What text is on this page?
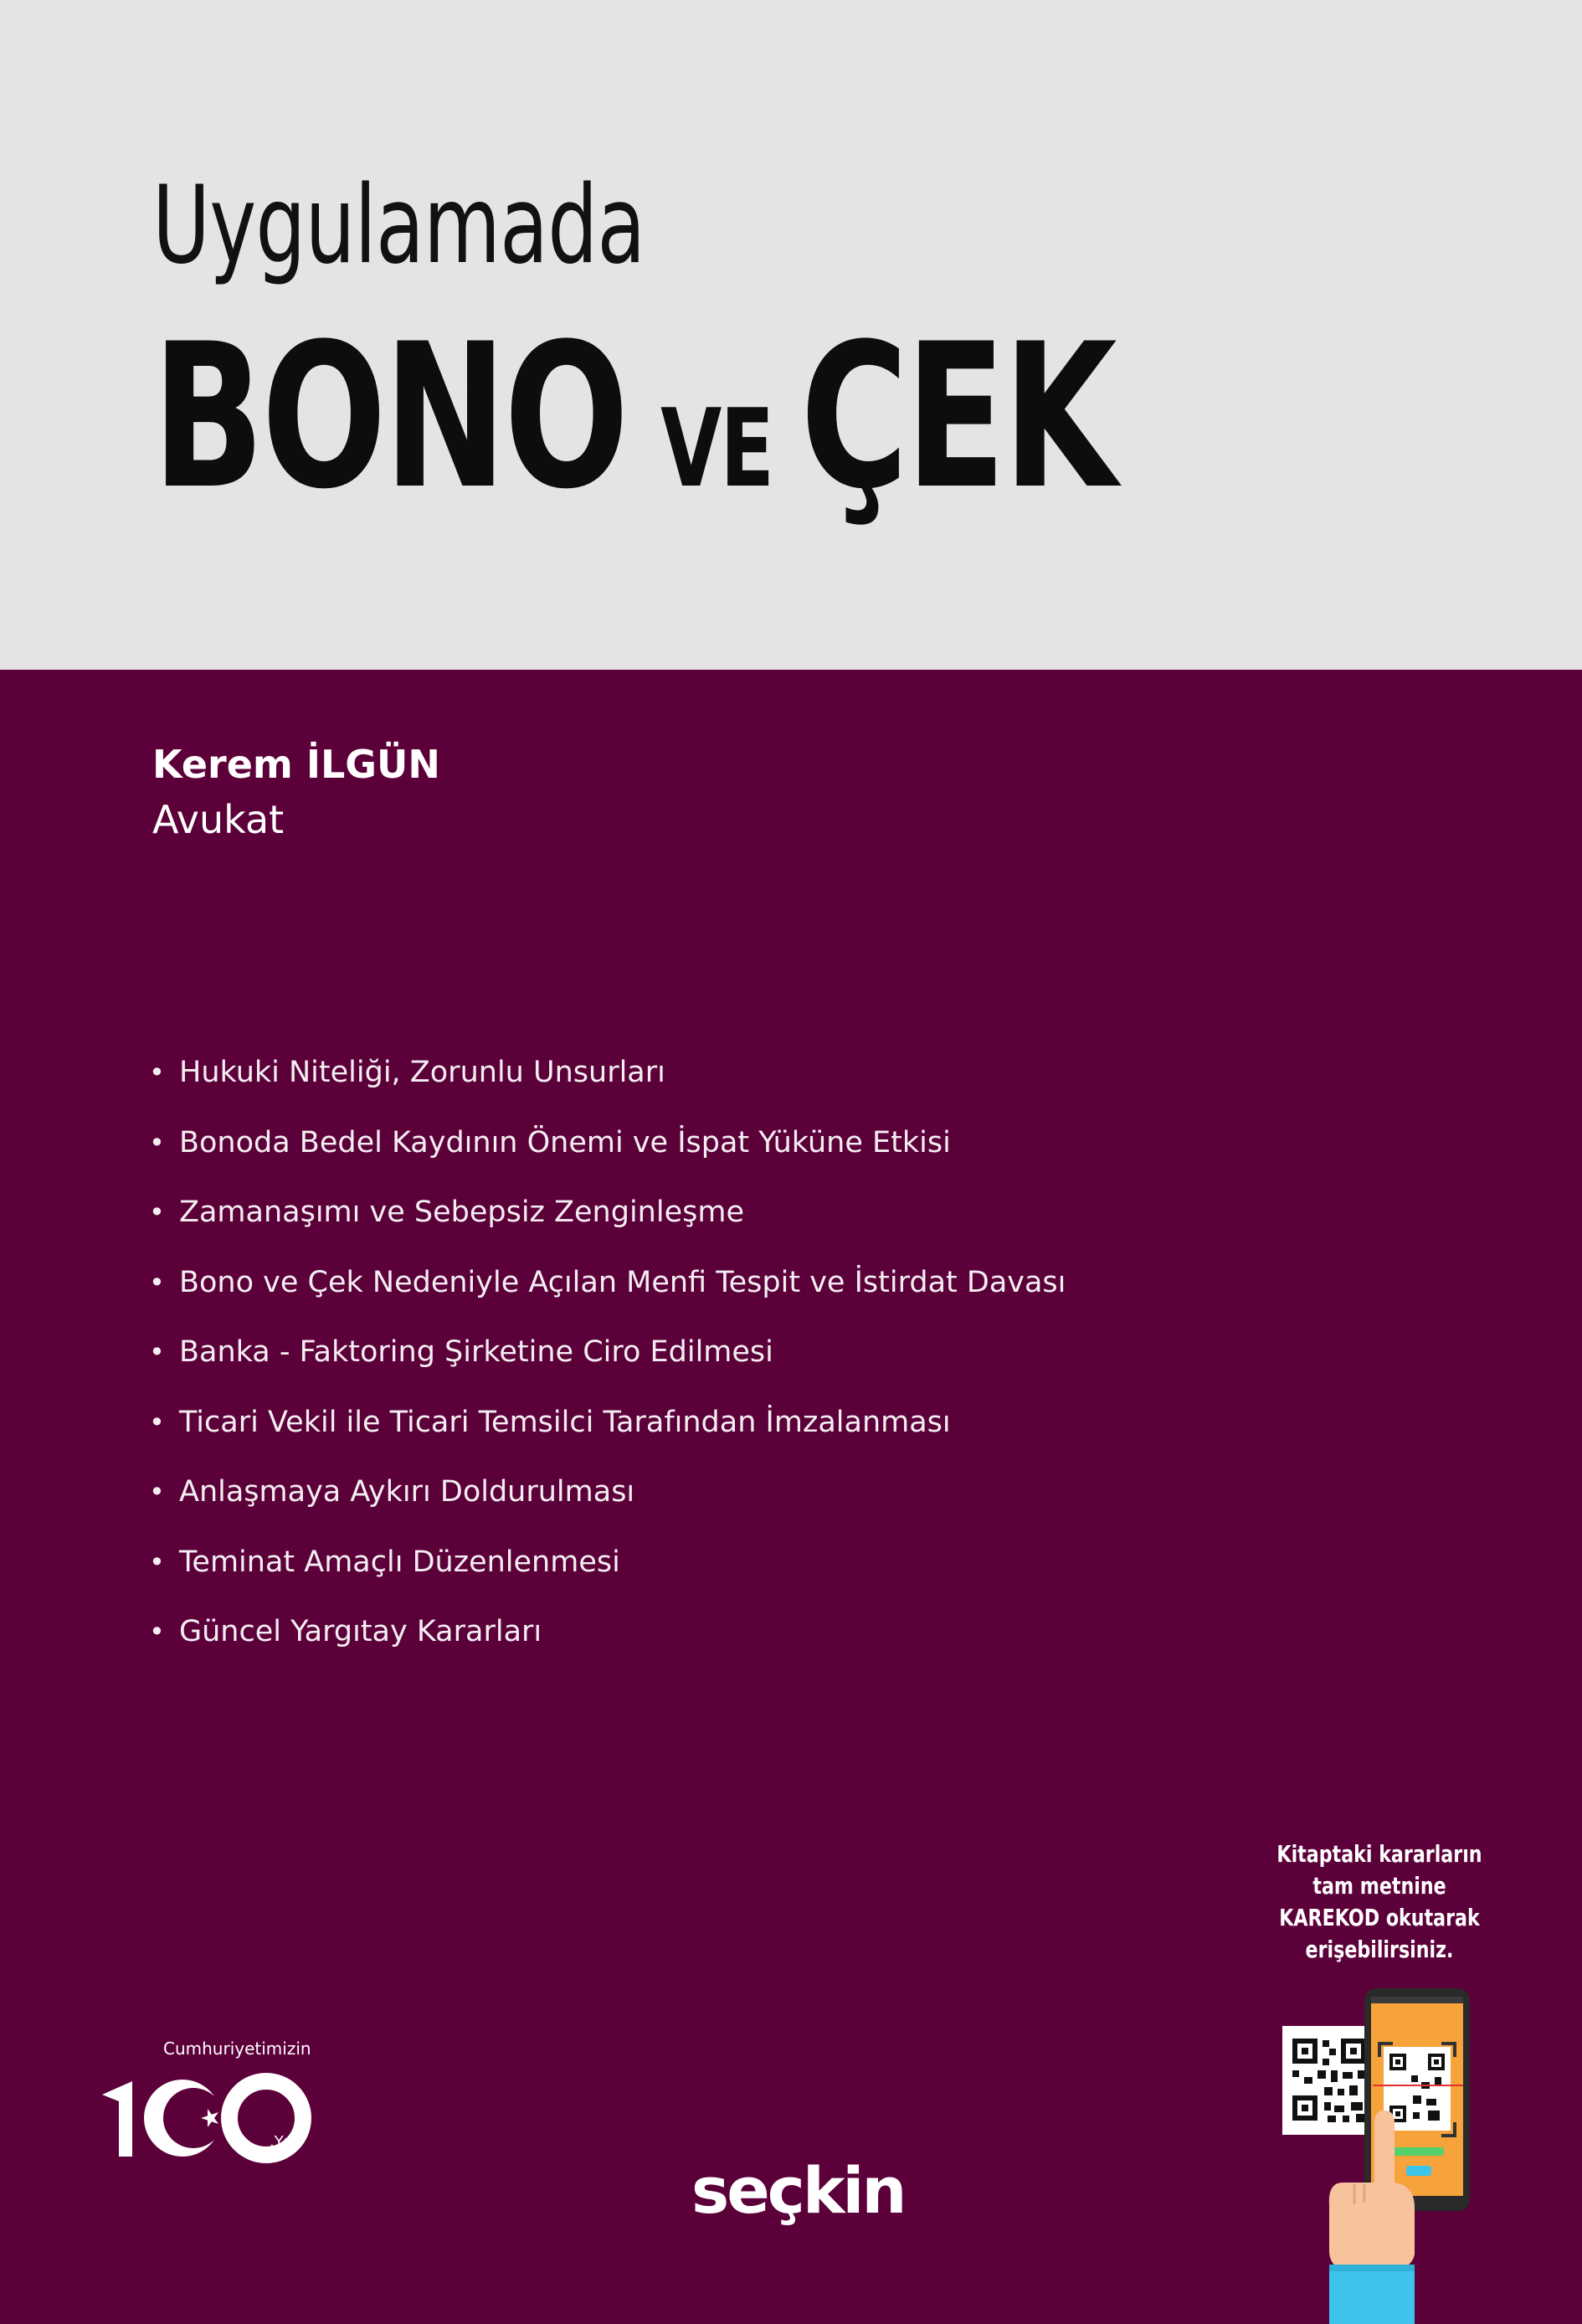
Uygulamada
BONO VE ÇEK
Kerem İLGÜN
Avukat
• Hukuki Niteliği, Zorunlu Unsurları
• Bonoda Bedel Kaydının Önemi ve İspat Yüküne Etkisi
• Zamanaşımı ve Sebepsiz Zenginleşme
• Bono ve Çek Nedeniyle Açılan Menfi Tespit ve İstirdat Davası
• Banka - Faktoring Şirketine Ciro Edilmesi
• Ticari Vekil ile Ticari Temsilci Tarafından İmzalanması
• Anlaşmaya Aykırı Doldurulması
• Teminat Amaçlı Düzenlenmesi
• Güncel Yargıtay Kararları
Kitaptaki kararların
tam metnine
KAREKOD okutarak
erişebilirsiniz.
Cumhuriyetimizin
.Yılı
seçkin
